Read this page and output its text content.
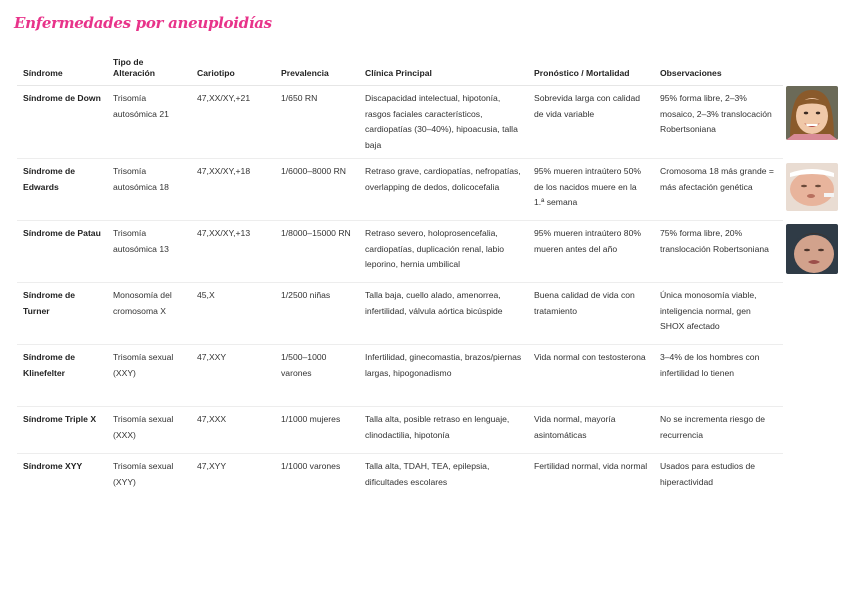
Enfermedades por aneuploidías
Síndrome	Tipo de Alteración	Cariotipo	Prevalencia	Clínica Principal	Pronóstico / Mortalidad	Observaciones
Síndrome de Down	Trisomía autosómica 21	47,XX/XY,+21	1/650 RN	Discapacidad intelectual, hipotonía, rasgos faciales característicos, cardiopatías (30–40%), hipoacusia, talla baja	Sobrevida larga con calidad de vida variable	95% forma libre, 2–3% mosaico, 2–3% translocación Robertsoniana
Síndrome de Edwards	Trisomía autosómica 18	47,XX/XY,+18	1/6000–8000 RN	Retraso grave, cardiopatías, nefropatías, overlapping de dedos, dolicocefalia	95% mueren intraútero 50% de los nacidos muere en la 1.ª semana	Cromosoma 18 más grande = más afectación genética
Síndrome de Patau	Trisomía autosómica 13	47,XX/XY,+13	1/8000–15000 RN	Retraso severo, holoprosencefalia, cardiopatías, duplicación renal, labio leporino, hernia umbilical	95% mueren intraútero 80% mueren antes del año	75% forma libre, 20% translocación Robertsoniana
Síndrome de Turner	Monosomía del cromosoma X	45,X	1/2500 niñas	Talla baja, cuello alado, amenorrea, infertilidad, válvula aórtica bicúspide	Buena calidad de vida con tratamiento	Única monosomía viable, inteligencia normal, gen SHOX afectado
Síndrome de Klinefelter	Trisomía sexual (XXY)	47,XXY	1/500–1000 varones	Infertilidad, ginecomastia, brazos/piernas largas, hipogonadismo	Vida normal con testosterona	3–4% de los hombres con infertilidad lo tienen
Síndrome Triple X	Trisomía sexual (XXX)	47,XXX	1/1000 mujeres	Talla alta, posible retraso en lenguaje, clinodactilia, hipotonía	Vida normal, mayoría asintomáticas	No se incrementa riesgo de recurrencia
Síndrome XYY	Trisomía sexual (XYY)	47,XYY	1/1000 varones	Talla alta, TDAH, TEA, epilepsia, dificultades escolares	Fertilidad normal, vida normal	Usados para estudios de hiperactividad
